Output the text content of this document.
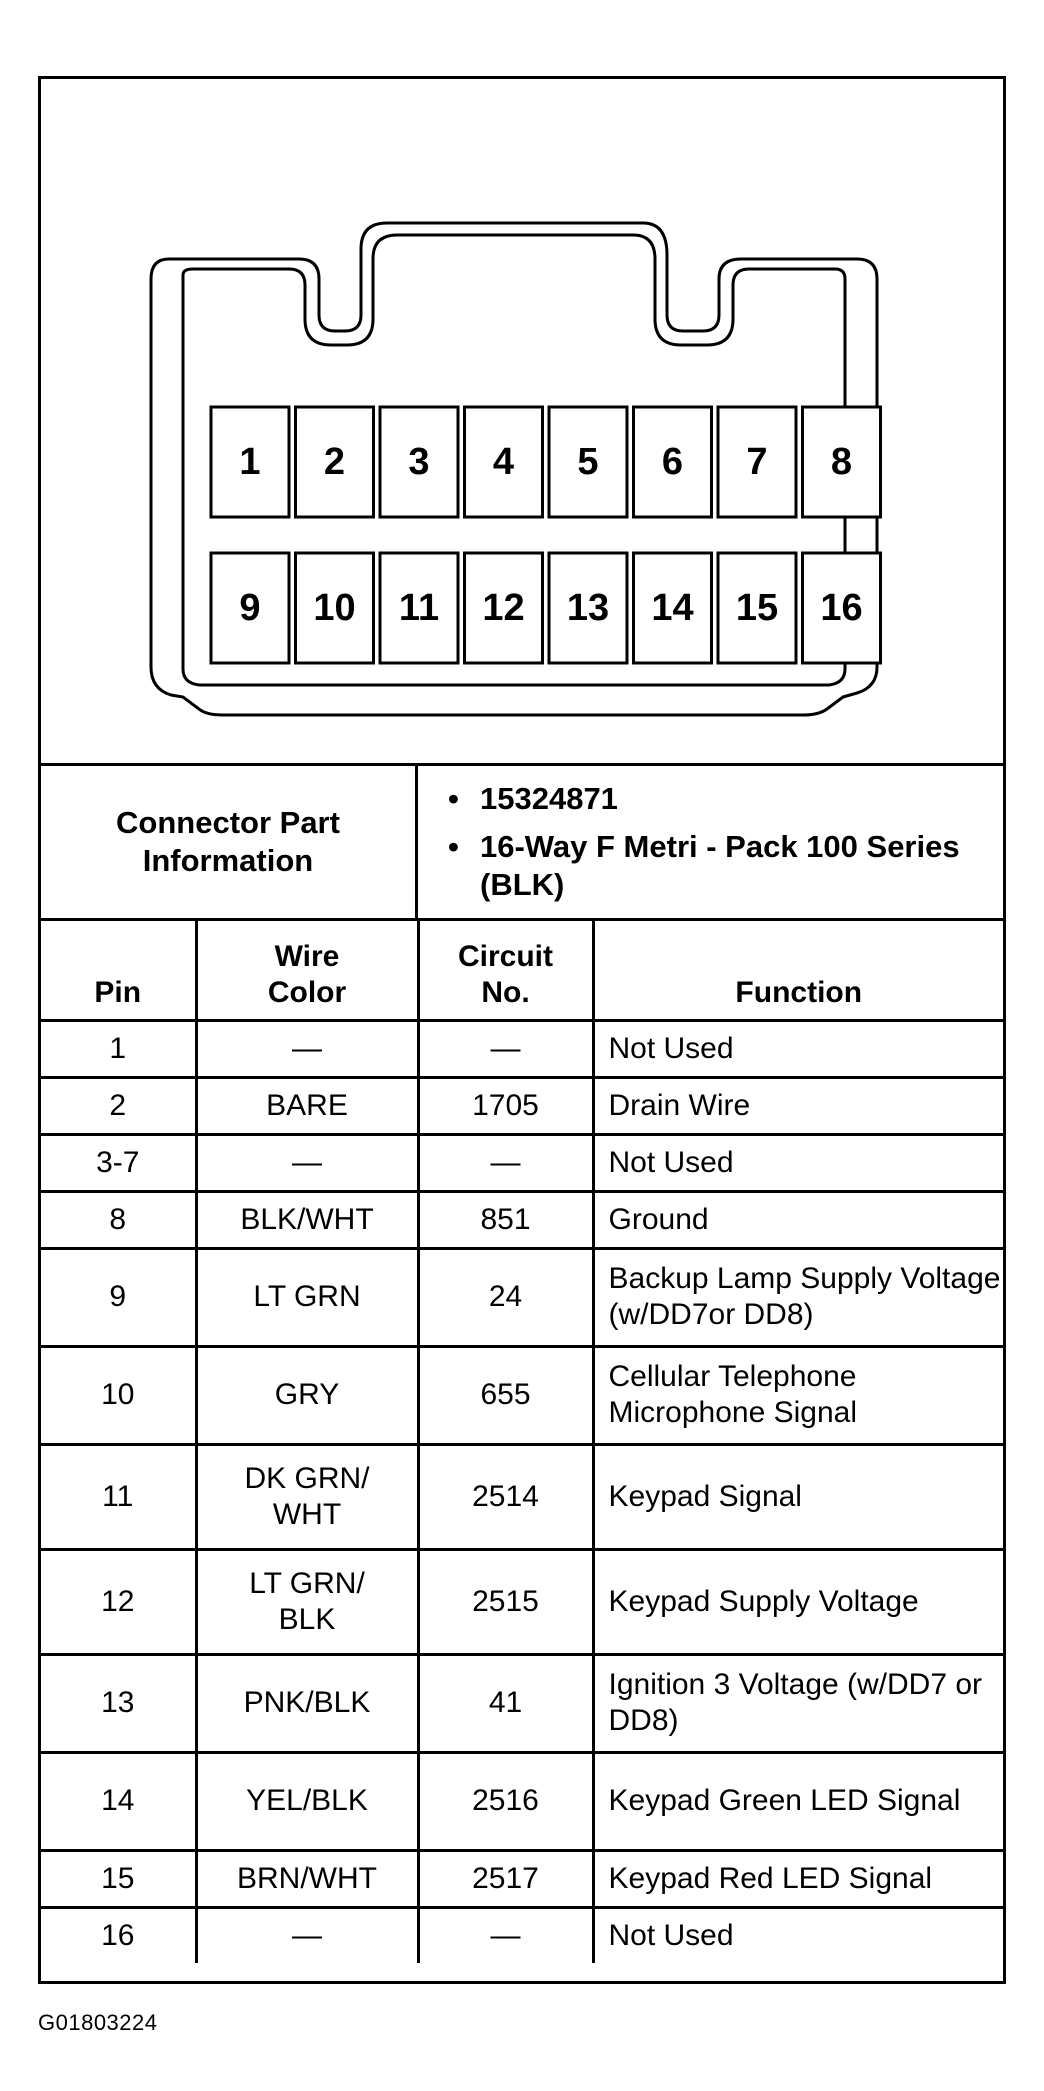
1 2 3 4 5 6 7 8
9 10 11 12 13 14 15 16
Connector Part Information
• 15324871
• 16-Way F Metri - Pack 100 Series (BLK)
Pin	Wire Color	Circuit No.	Function
1	—	—	Not Used
2	BARE	1705	Drain Wire
3-7	—	—	Not Used
8	BLK/WHT	851	Ground
9	LT GRN	24	Backup Lamp Supply Voltage (w/DD7or DD8)
10	GRY	655	Cellular Telephone Microphone Signal
11	DK GRN/ WHT	2514	Keypad Signal
12	LT GRN/ BLK	2515	Keypad Supply Voltage
13	PNK/BLK	41	Ignition 3 Voltage (w/DD7 or DD8)
14	YEL/BLK	2516	Keypad Green LED Signal
15	BRN/WHT	2517	Keypad Red LED Signal
16	—	—	Not Used
G01803224
